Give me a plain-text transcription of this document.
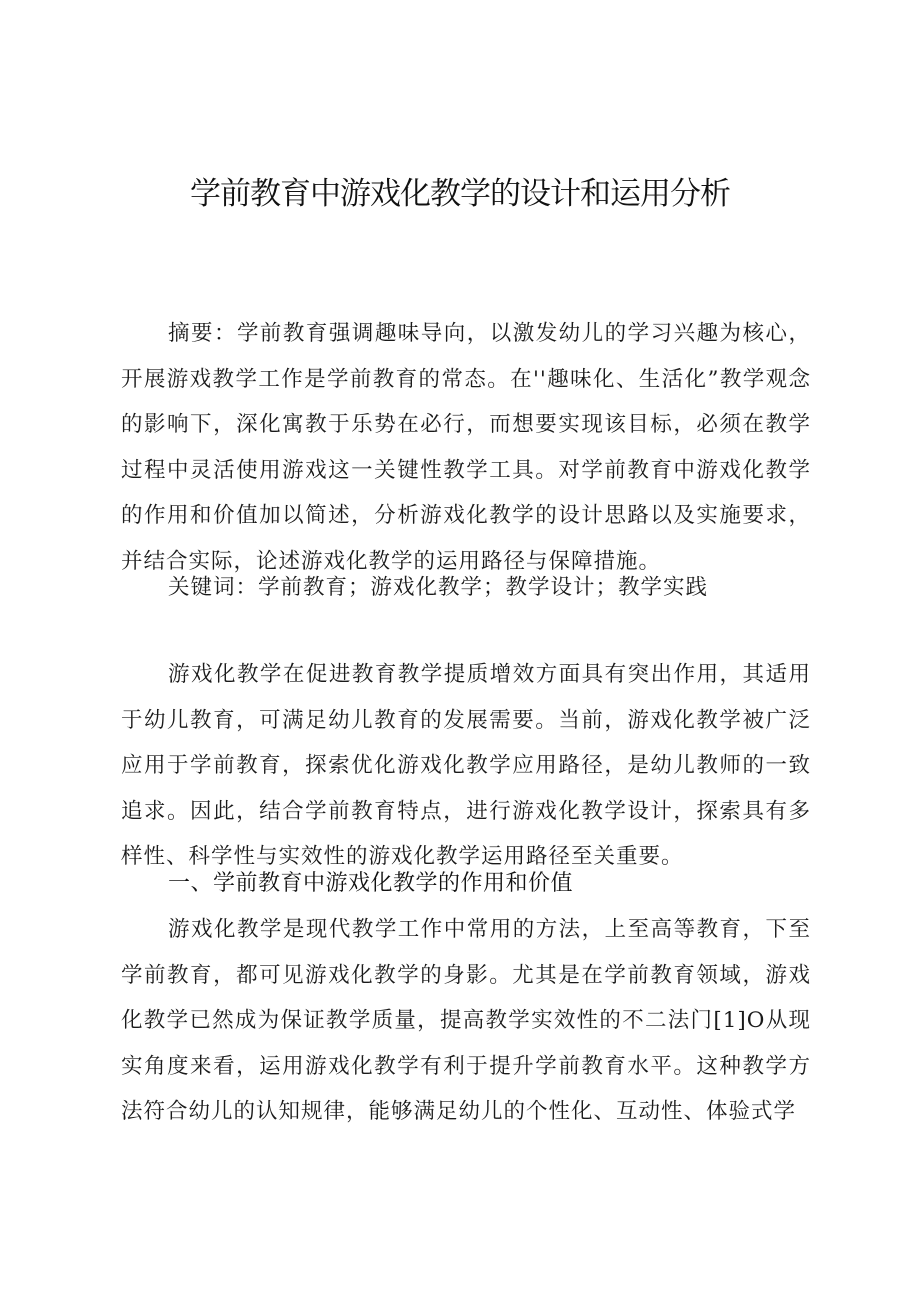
学前教育中游戏化教学的设计和运用分析

摘要：学前教育强调趣味导向，以激发幼儿的学习兴趣为核心，开展游戏教学工作是学前教育的常态。在''趣味化、生活化”教学观念的影响下，深化寓教于乐势在必行，而想要实现该目标，必须在教学过程中灵活使用游戏这一关键性教学工具。对学前教育中游戏化教学的作用和价值加以简述，分析游戏化教学的设计思路以及实施要求，并结合实际，论述游戏化教学的运用路径与保障措施。

关键词：学前教育；游戏化教学；教学设计；教学实践

游戏化教学在促进教育教学提质增效方面具有突出作用，其适用于幼儿教育，可满足幼儿教育的发展需要。当前，游戏化教学被广泛应用于学前教育，探索优化游戏化教学应用路径，是幼儿教师的一致追求。因此，结合学前教育特点，进行游戏化教学设计，探索具有多样性、科学性与实效性的游戏化教学运用路径至关重要。

一、学前教育中游戏化教学的作用和价值

游戏化教学是现代教学工作中常用的方法，上至高等教育，下至学前教育，都可见游戏化教学的身影。尤其是在学前教育领域，游戏化教学已然成为保证教学质量，提高教学实效性的不二法门[1]O从现实角度来看，运用游戏化教学有利于提升学前教育水平。这种教学方法符合幼儿的认知规律，能够满足幼儿的个性化、互动性、体验式学
